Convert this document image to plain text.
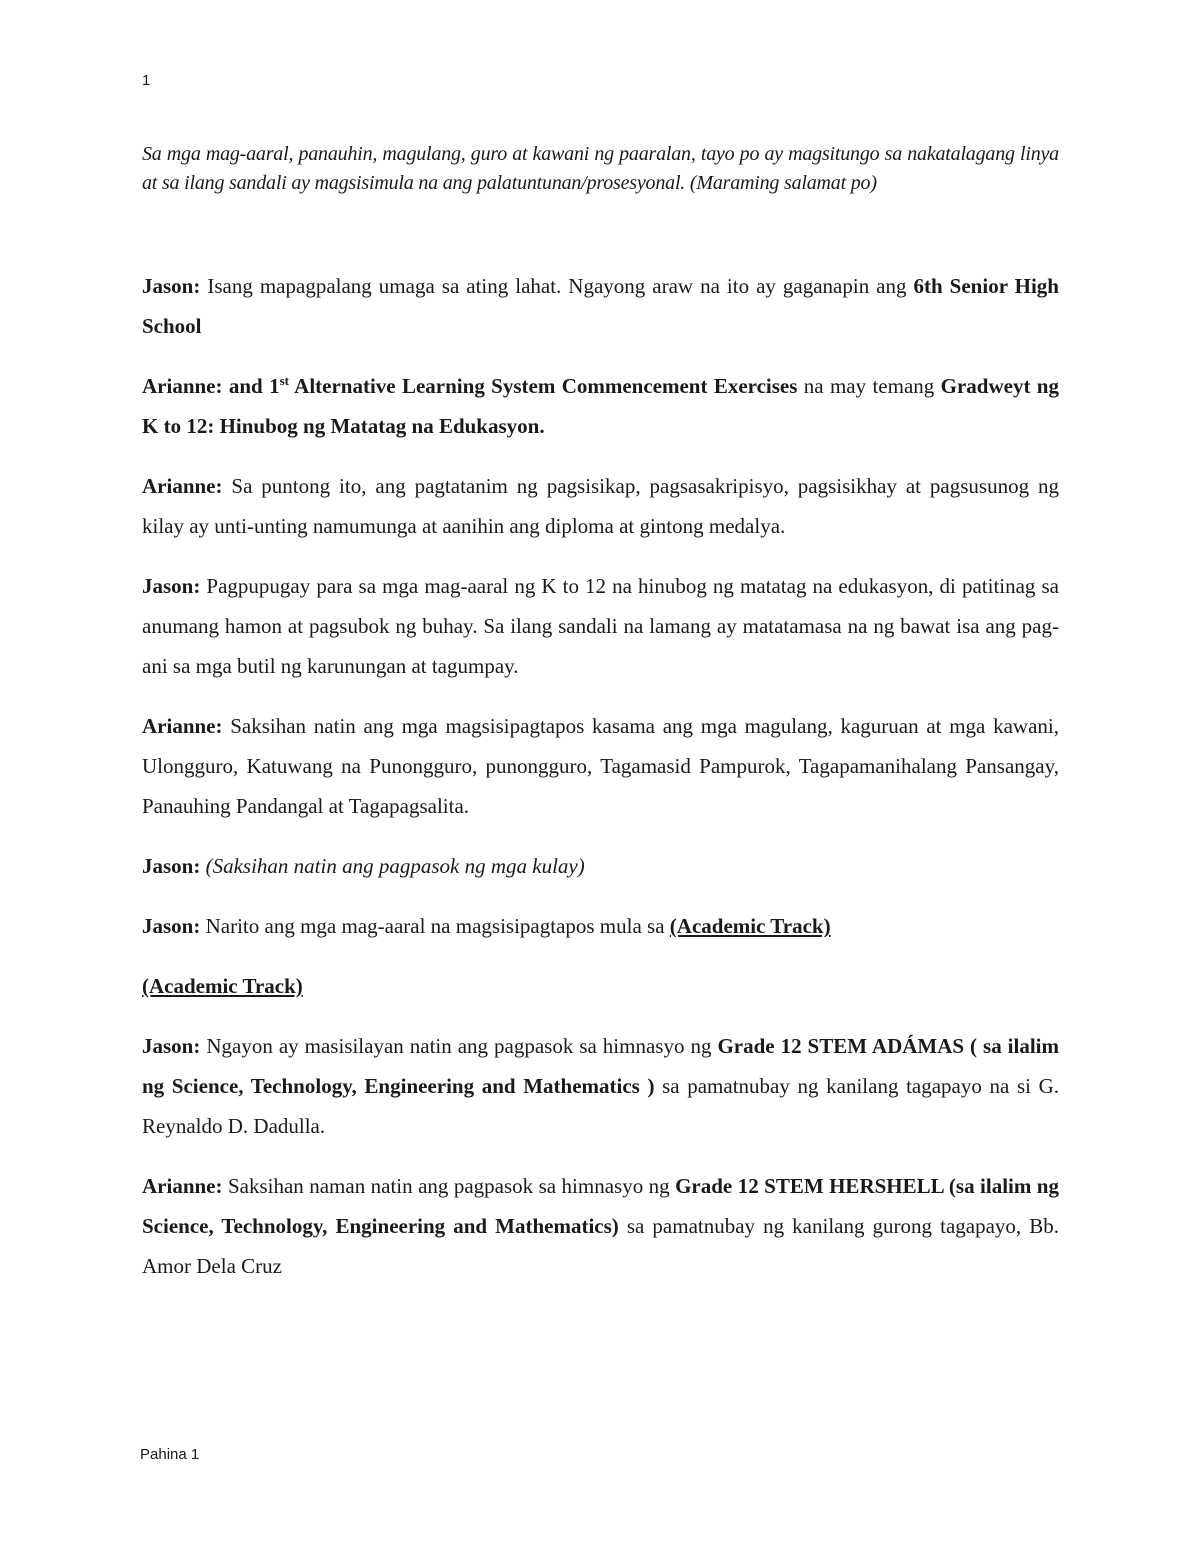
1

Sa mga mag-aaral, panauhin, magulang, guro at kawani ng paaralan, tayo po ay magsitungo sa nakatalagang linya at sa ilang sandali ay magsisimula na ang palatuntunan/prosesyonal. (Maraming salamat po)

Jason: Isang mapagpalang umaga sa ating lahat. Ngayong araw na ito ay gaganapin ang 6th Senior High School

Arianne: and 1st Alternative Learning System Commencement Exercises na may temang Gradweyt ng K to 12: Hinubog ng Matatag na Edukasyon.

Arianne: Sa puntong ito, ang pagtatanim ng pagsisikap, pagsasakripisyo, pagsisikhay at pagsusunog ng kilay ay unti-unting namumunga at aanihin ang diploma at gintong medalya.

Jason: Pagpupugay para sa mga mag-aaral ng K to 12 na hinubog ng matatag na edukasyon, di patitinag sa anumang hamon at pagsubok ng buhay. Sa ilang sandali na lamang ay matatamasa na ng bawat isa ang pag-ani sa mga butil ng karunungan at tagumpay.

Arianne: Saksihan natin ang mga magsisipagtapos kasama ang mga magulang, kaguruan at mga kawani, Ulongguro, Katuwang na Punongguro, punongguro, Tagamasid Pampurok, Tagapamanihalang Pansangay, Panauhing Pandangal at Tagapagsalita.

Jason: (Saksihan natin ang pagpasok ng mga kulay)

Jason: Narito ang mga mag-aaral na magsisipagtapos mula sa (Academic Track)

(Academic Track)

Jason: Ngayon ay masisilayan natin ang pagpasok sa himnasyo ng Grade 12 STEM ADÁMAS ( sa ilalim ng Science, Technology, Engineering and Mathematics ) sa pamatnubay ng kanilang tagapayo na si G. Reynaldo D. Dadulla.

Arianne: Saksihan naman natin ang pagpasok sa himnasyo ng Grade 12 STEM HERSHELL (sa ilalim ng Science, Technology, Engineering and Mathematics) sa pamatnubay ng kanilang gurong tagapayo, Bb. Amor Dela Cruz

Pahina 1
